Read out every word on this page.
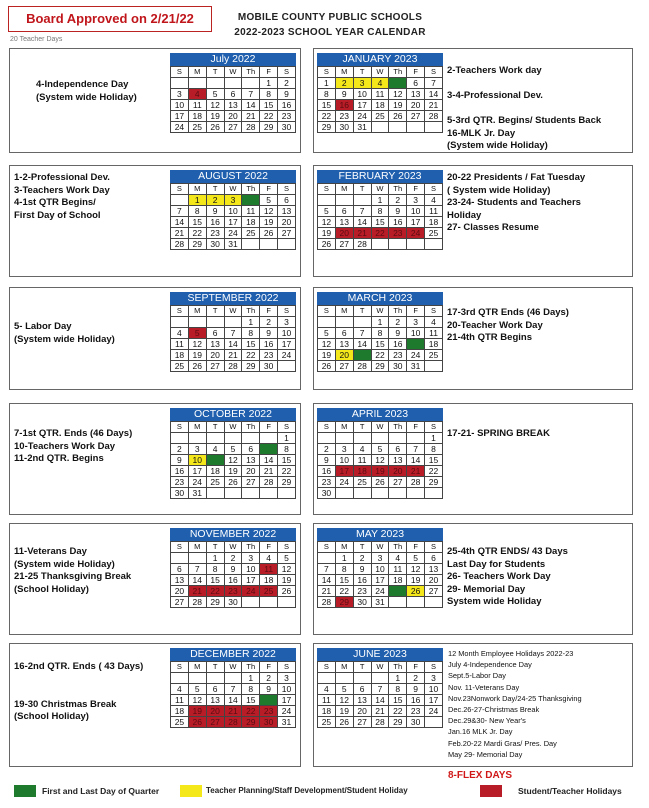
Board Approved on 2/21/22
20 Teacher Days
MOBILE COUNTY PUBLIC SCHOOLS
2022-2023 SCHOOL YEAR CALENDAR
July 2022
S	M	T	W	Th	F	S
					1	2
3	4	5	6	7	8	9
10	11	12	13	14	15	16
17	18	19	20	21	22	23
24	25	26	27	28	29	30
JANUARY 2023
S	M	T	W	Th	F	S
1	2	3	4	5	6	7
8	9	10	11	12	13	14
15	16	17	18	19	20	21
22	23	24	25	26	27	28
29	30	31				
AUGUST 2022
S	M	T	W	Th	F	S
	1	2	3	4	5	6
7	8	9	10	11	12	13
14	15	16	17	18	19	20
21	22	23	24	25	26	27
28	29	30	31			
FEBRUARY 2023
S	M	T	W	Th	F	S
			1	2	3	4
5	6	7	8	9	10	11
12	13	14	15	16	17	18
19	20	21	22	23	24	25
26	27	28				
SEPTEMBER 2022
S	M	T	W	Th	F	S
				1	2	3
4	5	6	7	8	9	10
11	12	13	14	15	16	17
18	19	20	21	22	23	24
25	26	27	28	29	30	
MARCH 2023
S	M	T	W	Th	F	S
			1	2	3	4
5	6	7	8	9	10	11
12	13	14	15	16	17	18
19	20	21	22	23	24	25
26	27	28	29	30	31	
OCTOBER 2022
S	M	T	W	Th	F	S
						1
2	3	4	5	6	7	8
9	10	11	12	13	14	15
16	17	18	19	20	21	22
23	24	25	26	27	28	29
30	31					
APRIL 2023
S	M	T	W	Th	F	S
						1
2	3	4	5	6	7	8
9	10	11	12	13	14	15
16	17	18	19	20	21	22
23	24	25	26	27	28	29
30						
NOVEMBER 2022
S	M	T	W	Th	F	S
		1	2	3	4	5
6	7	8	9	10	11	12
13	14	15	16	17	18	19
20	21	22	23	24	25	26
27	28	29	30			
MAY 2023
S	M	T	W	Th	F	S
	1	2	3	4	5	6
7	8	9	10	11	12	13
14	15	16	17	18	19	20
21	22	23	24	25	26	27
28	29	30	31			
DECEMBER 2022
S	M	T	W	Th	F	S
				1	2	3
4	5	6	7	8	9	10
11	12	13	14	15	16	17
18	19	20	21	22	23	24
25	26	27	28	29	30	31
JUNE 2023
S	M	T	W	Th	F	S
				1	2	3
4	5	6	7	8	9	10
11	12	13	14	15	16	17
18	19	20	21	22	23	24
25	26	27	28	29	30	
4-Independence Day
(System wide Holiday)
2-Teachers Work day

3-4-Professional Dev.

5-3rd QTR. Begins/ Students Back
16-MLK Jr. Day
(System wide Holiday)
1-2-Professional Dev.
3-Teachers Work Day
4-1st QTR Begins/
First Day of School
20-22 Presidents / Fat Tuesday
( System wide Holiday)
23-24- Students and Teachers
Holiday
27- Classes Resume
5- Labor Day
(System wide Holiday)
17-3rd QTR Ends (46 Days)
20-Teacher Work Day
21-4th QTR Begins
7-1st QTR. Ends (46 Days)
10-Teachers Work Day
11-2nd QTR. Begins
17-21- SPRING BREAK
11-Veterans Day
(System wide Holiday)
21-25 Thanksgiving Break
(School Holiday)
25-4th QTR ENDS/ 43 Days
Last Day for Students
26- Teachers Work Day
29- Memorial Day
System wide Holiday
16-2nd QTR. Ends ( 43 Days)

19-30 Christmas Break
(School Holiday)
12 Month Employee Holidays 2022-23
July 4-Independence Day
Sept.5-Labor Day
Nov. 11-Veterans Day
Nov.23Nonwork Day/24-25 Thanksgiving
Dec.26-27-Christmas Break
Dec.29&30- New Year's
Jan.16 MLK Jr. Day
Feb.20-22 Mardi Gras/ Pres. Day
May 29- Memorial Day
8-FLEX DAYS
First and Last Day of Quarter	Teacher Planning/Staff Development/Student Holiday	Student/Teacher Holidays
